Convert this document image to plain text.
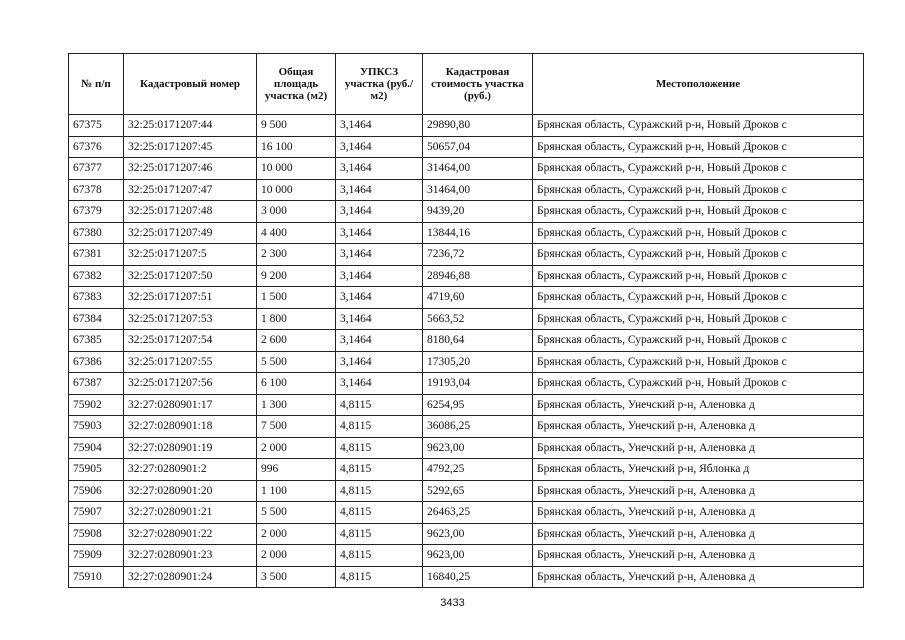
№ п/п	Кадастровый номер	Общая площадь участка (м2)	УПКСЗ участка (руб./м2)	Кадастровая стоимость участка (руб.)	Местоположение
67375	32:25:0171207:44	9 500	3,1464	29890,80	Брянская область, Суражский р-н, Новый Дроков с
67376	32:25:0171207:45	16 100	3,1464	50657,04	Брянская область, Суражский р-н, Новый Дроков с
67377	32:25:0171207:46	10 000	3,1464	31464,00	Брянская область, Суражский р-н, Новый Дроков с
67378	32:25:0171207:47	10 000	3,1464	31464,00	Брянская область, Суражский р-н, Новый Дроков с
67379	32:25:0171207:48	3 000	3,1464	9439,20	Брянская область, Суражский р-н, Новый Дроков с
67380	32:25:0171207:49	4 400	3,1464	13844,16	Брянская область, Суражский р-н, Новый Дроков с
67381	32:25:0171207:5	2 300	3,1464	7236,72	Брянская область, Суражский р-н, Новый Дроков с
67382	32:25:0171207:50	9 200	3,1464	28946,88	Брянская область, Суражский р-н, Новый Дроков с
67383	32:25:0171207:51	1 500	3,1464	4719,60	Брянская область, Суражский р-н, Новый Дроков с
67384	32:25:0171207:53	1 800	3,1464	5663,52	Брянская область, Суражский р-н, Новый Дроков с
67385	32:25:0171207:54	2 600	3,1464	8180,64	Брянская область, Суражский р-н, Новый Дроков с
67386	32:25:0171207:55	5 500	3,1464	17305,20	Брянская область, Суражский р-н, Новый Дроков с
67387	32:25:0171207:56	6 100	3,1464	19193,04	Брянская область, Суражский р-н, Новый Дроков с
75902	32:27:0280901:17	1 300	4,8115	6254,95	Брянская область, Унечский р-н, Аленовка д
75903	32:27:0280901:18	7 500	4,8115	36086,25	Брянская область, Унечский р-н, Аленовка д
75904	32:27:0280901:19	2 000	4,8115	9623,00	Брянская область, Унечский р-н, Аленовка д
75905	32:27:0280901:2	996	4,8115	4792,25	Брянская область, Унечский р-н, Яблонка д
75906	32:27:0280901:20	1 100	4,8115	5292,65	Брянская область, Унечский р-н, Аленовка д
75907	32:27:0280901:21	5 500	4,8115	26463,25	Брянская область, Унечский р-н, Аленовка д
75908	32:27:0280901:22	2 000	4,8115	9623,00	Брянская область, Унечский р-н, Аленовка д
75909	32:27:0280901:23	2 000	4,8115	9623,00	Брянская область, Унечский р-н, Аленовка д
75910	32:27:0280901:24	3 500	4,8115	16840,25	Брянская область, Унечский р-н, Аленовка д
3433
